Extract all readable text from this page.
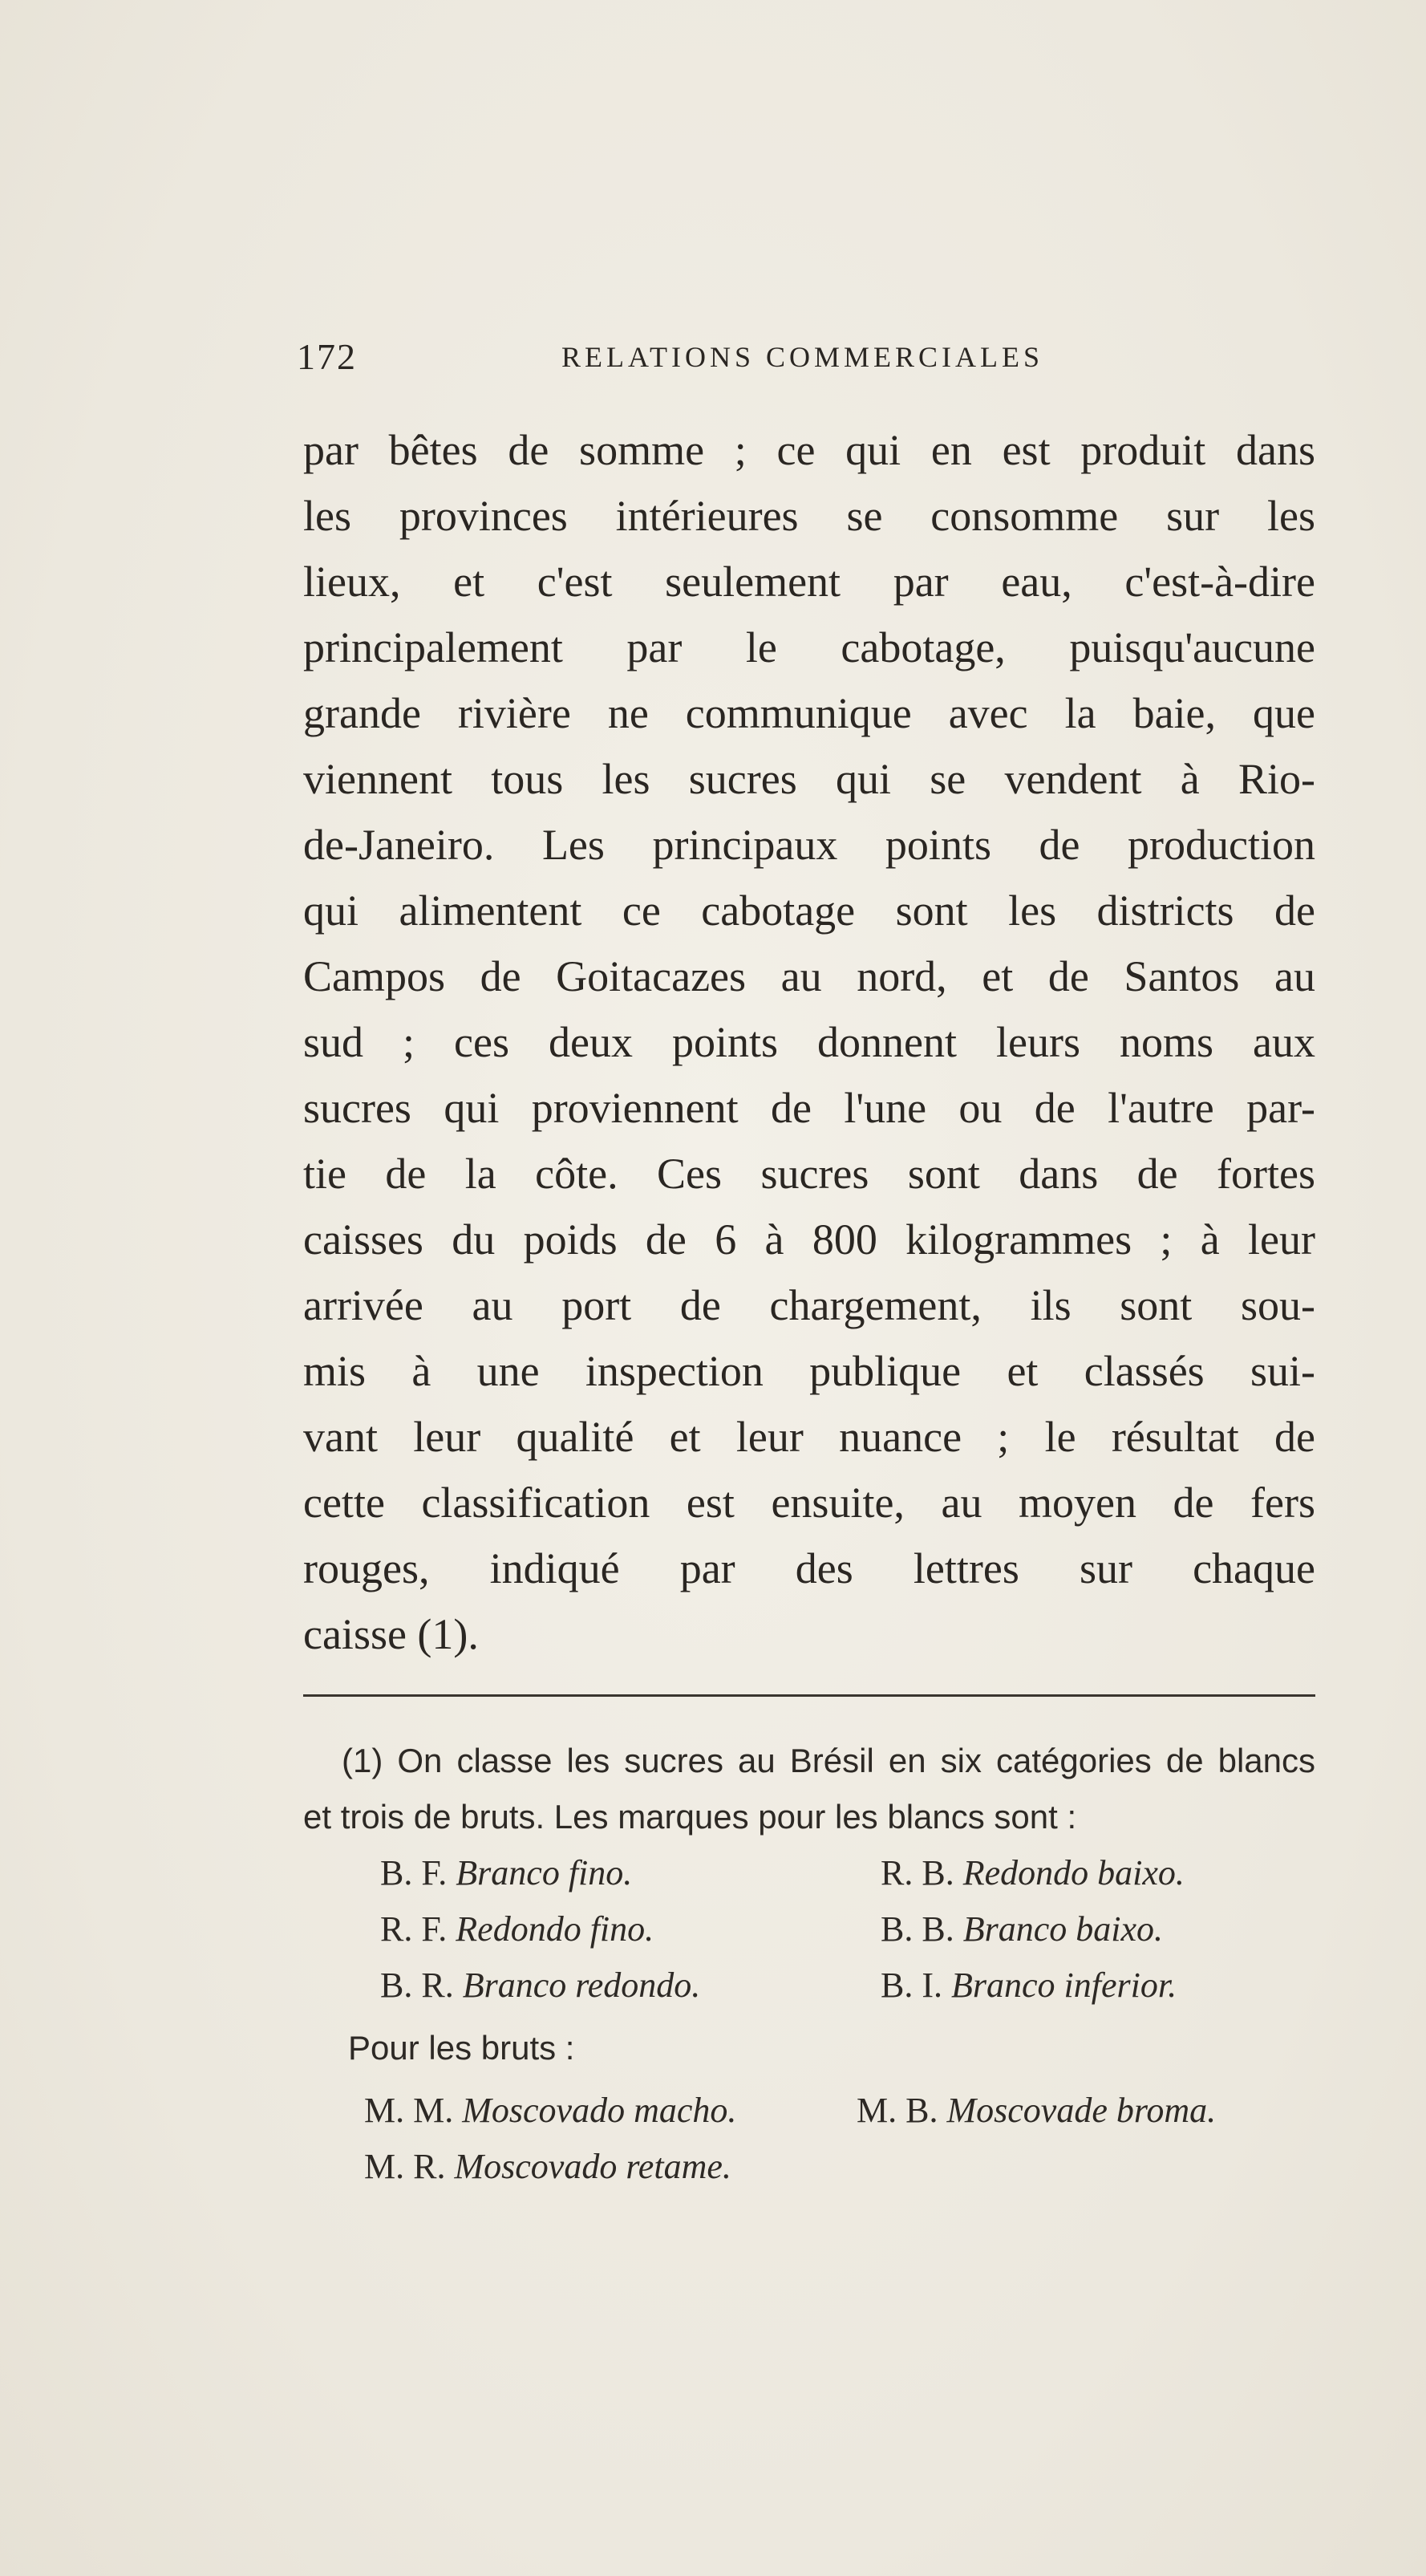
172	RELATIONS COMMERCIALES
par bêtes de somme ; ce qui en est produit dans
les provinces intérieures se consomme sur les
lieux, et c'est seulement par eau, c'est-à-dire
principalement par le cabotage, puisqu'aucune
grande rivière ne communique avec la baie, que
viennent tous les sucres qui se vendent à Rio-
de-Janeiro. Les principaux points de production
qui alimentent ce cabotage sont les districts de
Campos de Goitacazes au nord, et de Santos au
sud ; ces deux points donnent leurs noms aux
sucres qui proviennent de l'une ou de l'autre par-
tie de la côte. Ces sucres sont dans de fortes
caisses du poids de 6 à 800 kilogrammes ; à leur
arrivée au port de chargement, ils sont sou-
mis à une inspection publique et classés sui-
vant leur qualité et leur nuance ; le résultat de
cette classification est ensuite, au moyen de fers
rouges, indiqué par des lettres sur chaque
caisse (1).
(1) On classe les sucres au Brésil en six catégories de blancs
et trois de bruts. Les marques pour les blancs sont :
B. F. Branco fino.	R. B. Redondo baixo.
R. F. Redondo fino.	B. B. Branco baixo.
B. R. Branco redondo.	B. I. Branco inferior.
Pour les bruts :
M. M. Moscovado macho.	M. B. Moscovade broma.
M. R. Moscovado retame.
